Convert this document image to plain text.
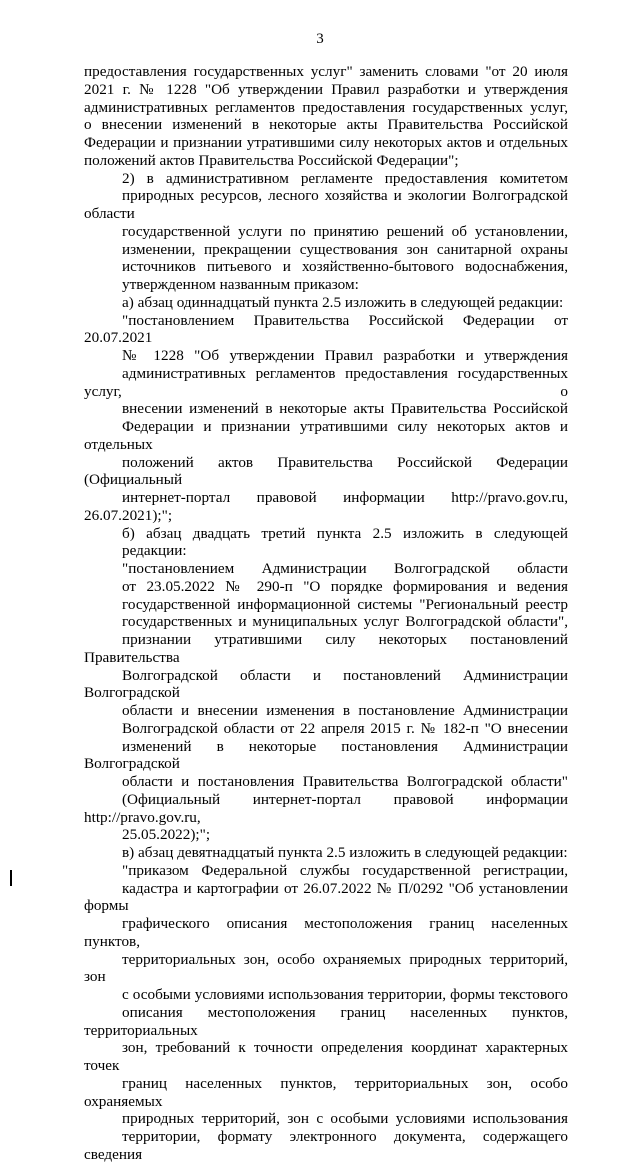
3

предоставления государственных услуг" заменить словами "от 20 июля
2021 г. № 1228 "Об утверждении Правил разработки и утверждения
административных регламентов предоставления государственных услуг,
о внесении изменений в некоторые акты Правительства Российской
Федерации и признании утратившими силу некоторых актов и отдельных
положений актов Правительства Российской Федерации";

2) в административном регламенте предоставления комитетом
природных ресурсов, лесного хозяйства и экологии Волгоградской области
государственной услуги по принятию решений об установлении,
изменении, прекращении существования зон санитарной охраны
источников питьевого и хозяйственно-бытового водоснабжения,
утвержденном названным приказом:

а) абзац одиннадцатый пункта 2.5 изложить в следующей редакции:

"постановлением Правительства Российской Федерации от 20.07.2021
№ 1228 "Об утверждении Правил разработки и утверждения
административных регламентов предоставления государственных услуг, о
внесении изменений в некоторые акты Правительства Российской
Федерации и признании утратившими силу некоторых актов и отдельных
положений актов Правительства Российской Федерации (Официальный
интернет-портал правовой информации http://pravo.gov.ru, 26.07.2021);";

б) абзац двадцать третий пункта 2.5 изложить в следующей
редакции:

"постановлением Администрации Волгоградской области
от 23.05.2022 № 290-п "О порядке формирования и ведения
государственной информационной системы "Региональный реестр
государственных и муниципальных услуг Волгоградской области",
признании утратившими силу некоторых постановлений Правительства
Волгоградской области и постановлений Администрации Волгоградской
области и внесении изменения в постановление Администрации
Волгоградской области от 22 апреля 2015 г. № 182-п "О внесении
изменений в некоторые постановления Администрации Волгоградской
области и постановления Правительства Волгоградской области"
(Официальный интернет-портал правовой информации http://pravo.gov.ru,
25.05.2022);";

в) абзац девятнадцатый пункта 2.5 изложить в следующей редакции:

"приказом Федеральной службы государственной регистрации,
кадастра и картографии от 26.07.2022 № П/0292 "Об установлении формы
графического описания местоположения границ населенных пунктов,
территориальных зон, особо охраняемых природных территорий, зон
с особыми условиями использования территории, формы текстового
описания местоположения границ населенных пунктов, территориальных
зон, требований к точности определения координат характерных точек
границ населенных пунктов, территориальных зон, особо охраняемых
природных территорий, зон с особыми условиями использования
территории, формату электронного документа, содержащего сведения
